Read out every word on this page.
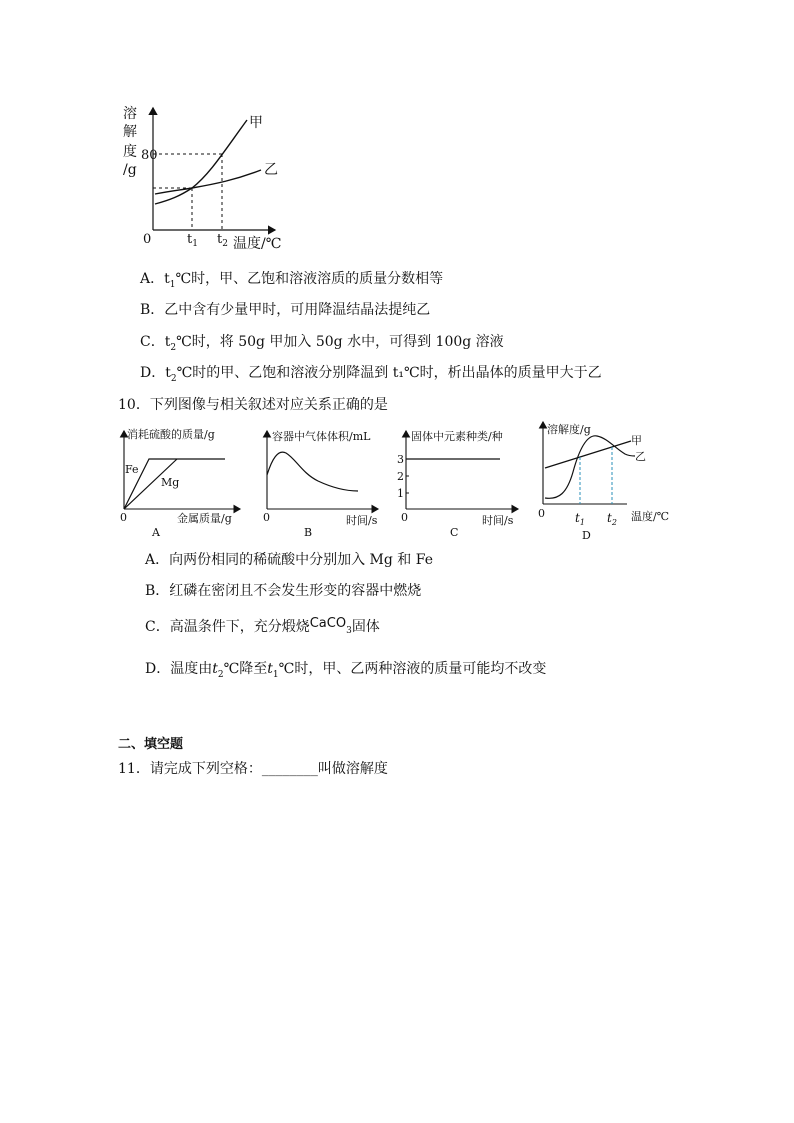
溶
解
度
/g
80
甲
乙
0	$t_1$ $t_2$ 温度/℃
A．$t_1℃$时，甲、乙饱和溶液溶质的质量分数相等
B．乙中含有少量甲时，可用降温结晶法提纯乙
C．$t_2℃$时，将 50g 甲加入 50g 水中，可得到 100g 溶液
D．$t_2℃$时的甲、乙饱和溶液分别降温到 t₁℃时，析出晶体的质量甲大于乙
10．下列图像与相关叙述对应关系正确的是
消耗硫酸的质量/g
Fe
Mg
0	金属质量/g
A
容器中气体体积/mL
0	时间/s
B
固体中元素种类/种
3
2
1
0	时间/s
C
溶解度/g
甲
乙
0	$t_1$ $t_2$ 温度/℃
D
A．向两份相同的稀硫酸中分别加入 Mg 和 Fe
B．红磷在密闭且不会发生形变的容器中燃烧
C．高温条件下，充分煅烧CaCO$_3$固体
D．温度由$t_2℃$降至$t_1℃$时，甲、乙两种溶液的质量可能均不改变
二、填空题
11．请完成下列空格：________叫做溶解度
